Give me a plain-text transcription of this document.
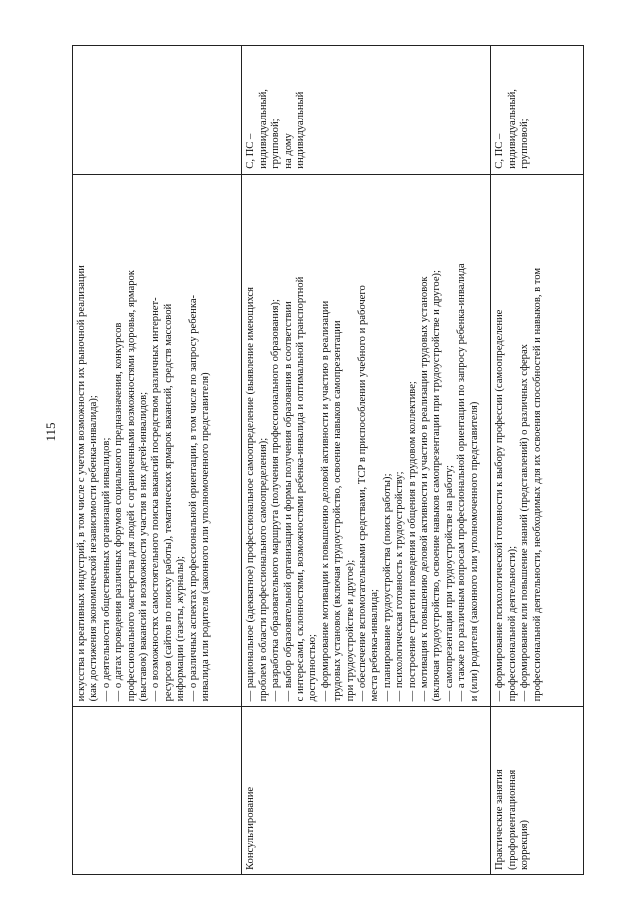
115 искусства и креативных индустрий, в том числе с учетом возможности их рыночной реализации (как достижения экономической независимости ребенка-инвалида); — о деятельности общественных организаций инвалидов; — о датах проведения различных форумов социального предназначения, конкурсов профессионального мастерства для людей с ограниченными возможностями здоровья, ярмарок (выставок) вакансий и возможности участия в них детей-инвалидов; — о возможностях самостоятельного поиска вакансий посредством различных интернет- ресурсов (сайтов по поиску работы), тематических ярмарок вакансий, средств массовой информации (газеты, журналы); — о различных аспектах профессиональной ориентации, в том числе по запросу ребенка- инвалида или родителя (законного или уполномоченного представителя)
Консультирование
— рациональное (адекватное) профессиональное самоопределение (выявление имеющихся проблем в области профессионального самоопределения); — разработка образовательного маршрута (получения профессионального образования); — выбор образовательной организации и формы получения образования в соответствии с интересами, склонностями, возможностями ребенка-инвалида и оптимальной транспортной доступностью; — формирование мотивации к повышению деловой активности и участию в реализации трудовых установок (включая трудоустройство, освоение навыков самопрезентации при трудоустройстве и другое); — обеспечение вспомогательными средствами, ТСР в приспособлении учебного и рабочего места ребенка-инвалида; — планирование трудоустройства (поиск работы); — психологическая готовность к трудоустройству; — построение стратегии поведения и общения в трудовом коллективе; — мотивация к повышению деловой активности и участию в реализации трудовых установок (включая трудоустройство, освоение навыков самопрезентации при трудоустройстве и другое); — самопрезентация при трудоустройстве на работу; — а также по различным вопросам профессиональной ориентации по запросу ребенка-инвалида и (или) родителя (законного или уполномоченного представителя)
С, ПС – индивидуальный, групповой; на дому индивидуальный
Практические занятия (профориентационная коррекция)
— формирование психологической готовности к выбору профессии (самоопределение профессиональной деятельности); — формирование или повышение знаний (представлений) о различных сферах профессиональной деятельности, необходимых для их освоения способностей и навыков, в том
С, ПС – индивидуальный, групповой;
